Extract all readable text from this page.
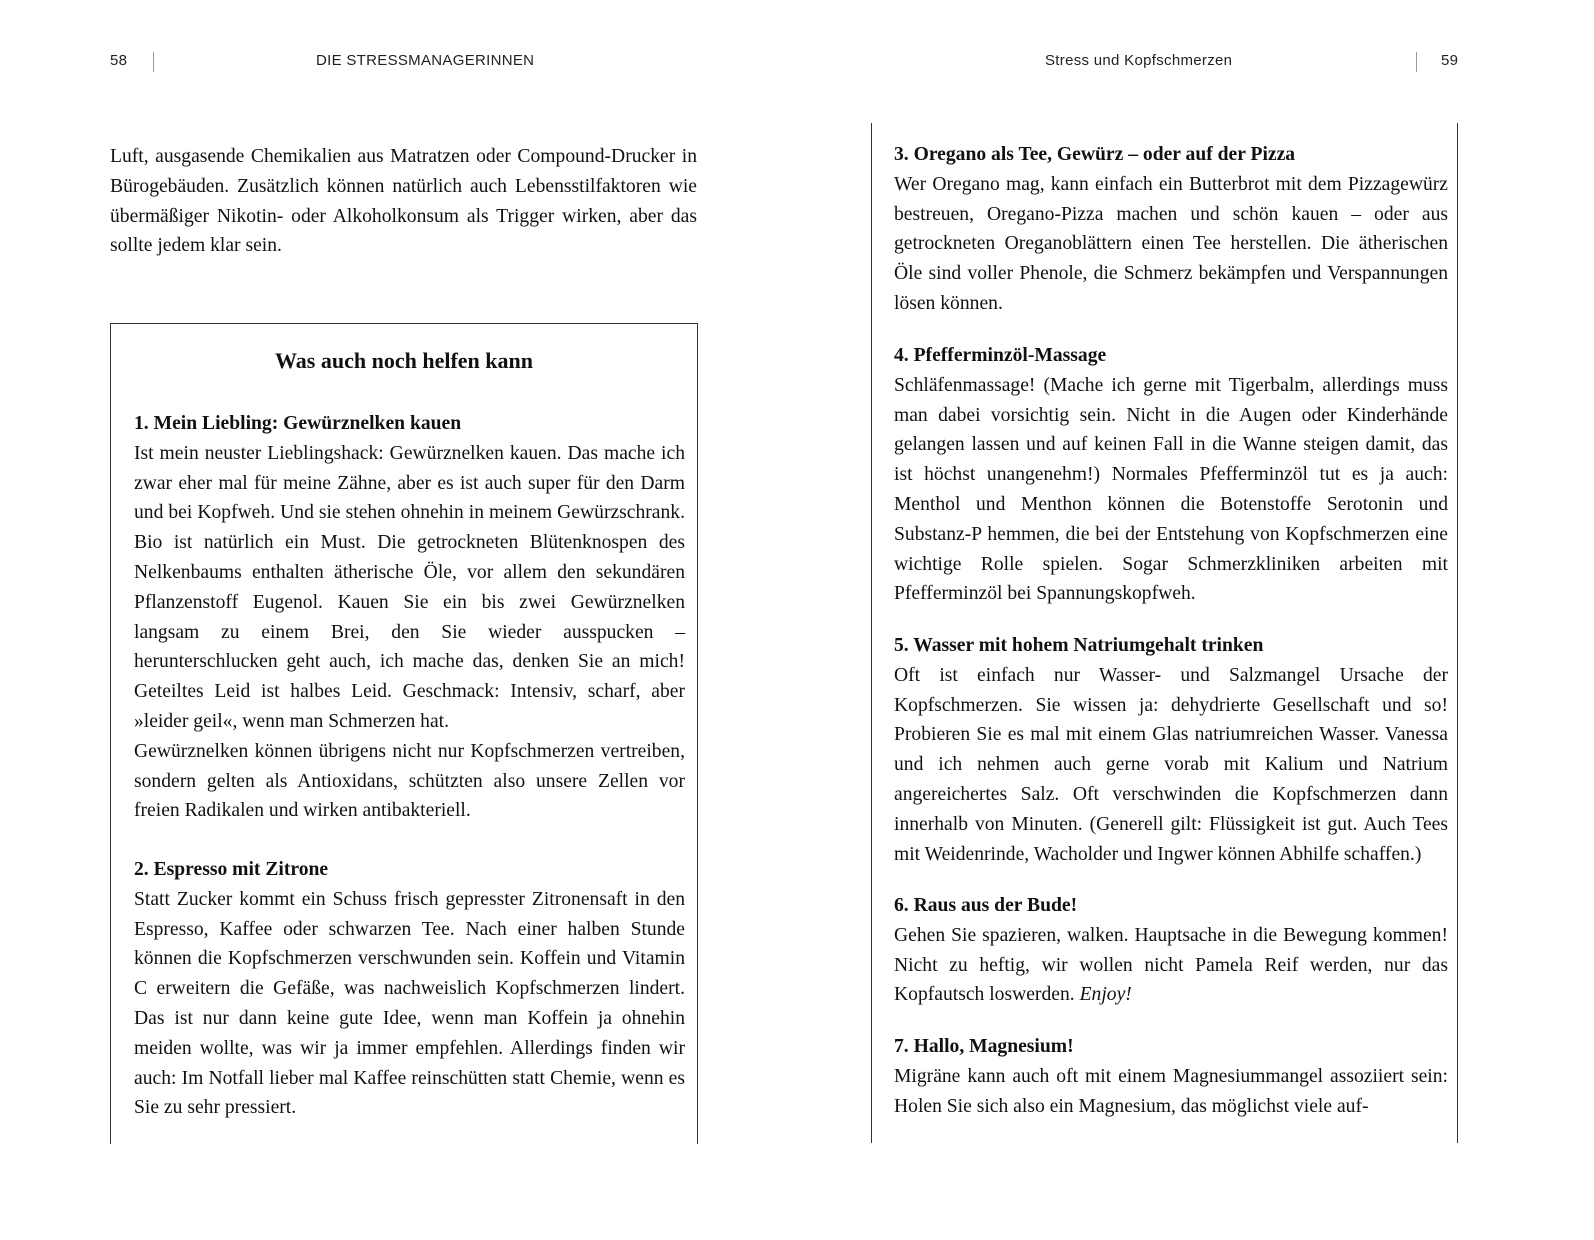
58	DIE STRESSMANAGERINNEN	Stress und Kopfschmerzen	59
Luft, ausgasende Chemikalien aus Matratzen oder Compound-Drucker in Bürogebäuden. Zusätzlich können natürlich auch Lebensstilfaktoren wie übermäßiger Nikotin- oder Alkoholkonsum als Trigger wirken, aber das sollte jedem klar sein.
Was auch noch helfen kann
1. Mein Liebling: Gewürznelken kauen
Ist mein neuster Lieblingshack: Gewürznelken kauen. Das mache ich zwar eher mal für meine Zähne, aber es ist auch super für den Darm und bei Kopfweh. Und sie stehen ohnehin in meinem Gewürzschrank. Bio ist natürlich ein Must. Die getrockneten Blütenknospen des Nelkenbaums enthalten ätherische Öle, vor allem den sekundären Pflanzenstoff Eugenol. Kauen Sie ein bis zwei Gewürznelken langsam zu einem Brei, den Sie wieder ausspucken – herunterschlucken geht auch, ich mache das, denken Sie an mich! Geteiltes Leid ist halbes Leid. Geschmack: Intensiv, scharf, aber »leider geil«, wenn man Schmerzen hat.
Gewürznelken können übrigens nicht nur Kopfschmerzen vertreiben, sondern gelten als Antioxidans, schützten also unsere Zellen vor freien Radikalen und wirken antibakteriell.
2. Espresso mit Zitrone
Statt Zucker kommt ein Schuss frisch gepresster Zitronensaft in den Espresso, Kaffee oder schwarzen Tee. Nach einer halben Stunde können die Kopfschmerzen verschwunden sein. Koffein und Vitamin C erweitern die Gefäße, was nachweislich Kopfschmerzen lindert. Das ist nur dann keine gute Idee, wenn man Koffein ja ohnehin meiden wollte, was wir ja immer empfehlen. Allerdings finden wir auch: Im Notfall lieber mal Kaffee reinschütten statt Chemie, wenn es Sie zu sehr pressiert.
3. Oregano als Tee, Gewürz – oder auf der Pizza
Wer Oregano mag, kann einfach ein Butterbrot mit dem Pizzagewürz bestreuen, Oregano-Pizza machen und schön kauen – oder aus getrockneten Oreganoblättern einen Tee herstellen. Die ätherischen Öle sind voller Phenole, die Schmerz bekämpfen und Verspannungen lösen können.
4. Pfefferminzöl-Massage
Schläfenmassage! (Mache ich gerne mit Tigerbalm, allerdings muss man dabei vorsichtig sein. Nicht in die Augen oder Kinderhände gelangen lassen und auf keinen Fall in die Wanne steigen damit, das ist höchst unangenehm!) Normales Pfefferminzöl tut es ja auch: Menthol und Menthon können die Botenstoffe Serotonin und Substanz-P hemmen, die bei der Entstehung von Kopfschmerzen eine wichtige Rolle spielen. Sogar Schmerzkliniken arbeiten mit Pfefferminzöl bei Spannungskopfweh.
5. Wasser mit hohem Natriumgehalt trinken
Oft ist einfach nur Wasser- und Salzmangel Ursache der Kopfschmerzen. Sie wissen ja: dehydrierte Gesellschaft und so! Probieren Sie es mal mit einem Glas natriumreichen Wasser. Vanessa und ich nehmen auch gerne vorab mit Kalium und Natrium angereichertes Salz. Oft verschwinden die Kopfschmerzen dann innerhalb von Minuten. (Generell gilt: Flüssigkeit ist gut. Auch Tees mit Weidenrinde, Wacholder und Ingwer können Abhilfe schaffen.)
6. Raus aus der Bude!
Gehen Sie spazieren, walken. Hauptsache in die Bewegung kommen! Nicht zu heftig, wir wollen nicht Pamela Reif werden, nur das Kopfautsch loswerden. Enjoy!
7. Hallo, Magnesium!
Migräne kann auch oft mit einem Magnesiummangel assoziiert sein: Holen Sie sich also ein Magnesium, das möglichst viele auf-
